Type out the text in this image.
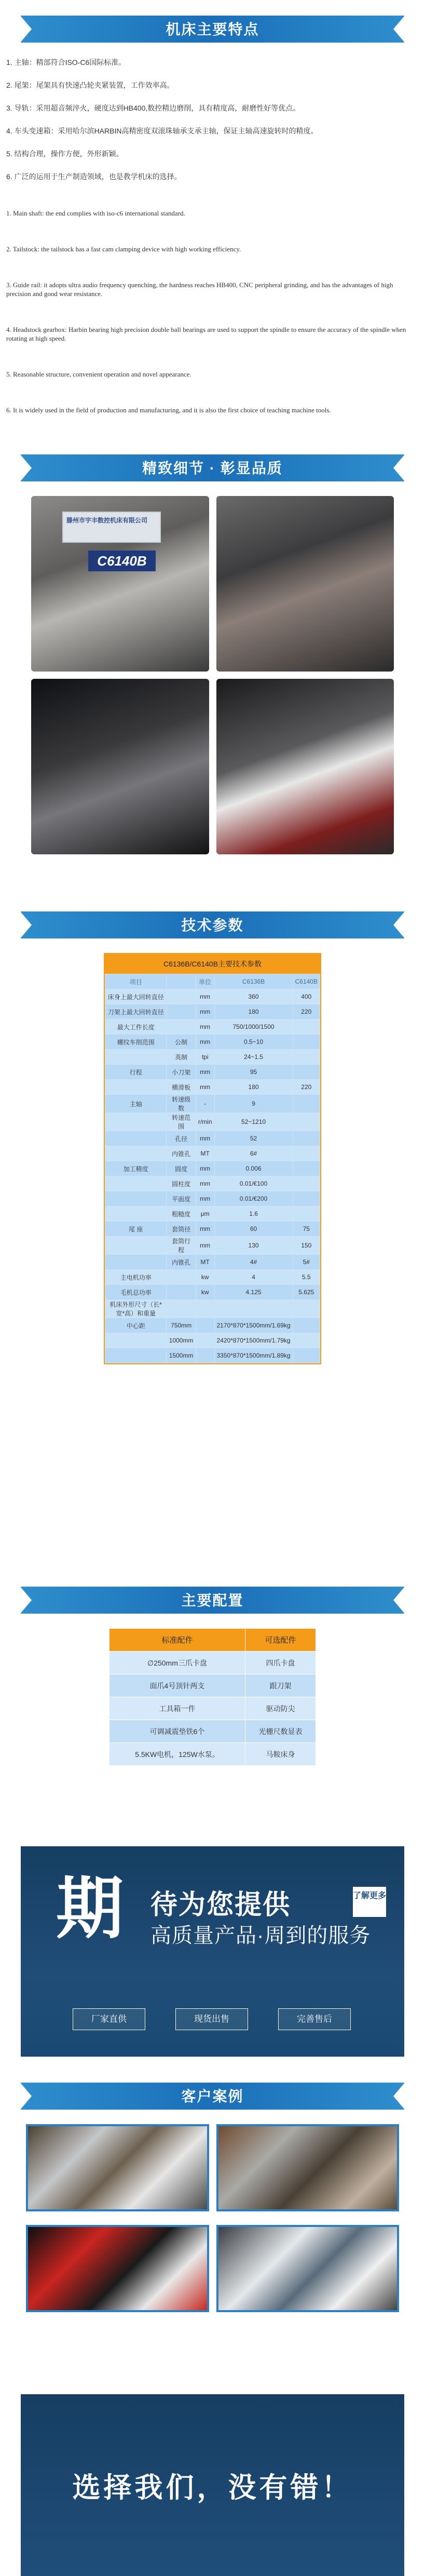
机床主要特点

1. 主轴：精部符合ISO-C6国际标准。

2. 尾架：尾架具有快速凸轮夹紧装置，工作效率高。

3. 导轨：采用超音频淬火，硬度达到HB400,数控精边磨削，具有精度高，耐磨性好等优点。

4. 车头变速箱：采用哈尔滨HARBIN高精密度双滚珠轴承支承主轴，保证主轴高速旋转时的精度。

5. 结构合理，操作方便，外形新颖。

6. 广泛的运用于生产制造领域，也是教学机床的选择。

1. Main shaft: the end complies with iso-c6 international standard.

2. Tailstock: the tailstock has a fast cam clamping device with high working efficiency.

3. Guide rail: it adopts ultra audio frequency quenching, the hardness reaches HB400, CNC peripheral grinding, and has the advantages of high precision and good wear resistance.

4. Headstock gearbox: Harbin bearing high precision double ball bearings are used to support the spindle to ensure the accuracy of the spindle when rotating at high speed.

5. Reasonable structure, convenient operation and novel appearance.

6. It is widely used in the field of production and manufacturing, and it is also the first choice of teaching machine tools.

精致细节 · 彰显品质
滕州市宇丰数控机床有限公司
C6140B
技术参数
C6136B/C6140B主要技术参数
项目		单位	C6136B	C6140B
床身上最大回转直径		mm	360	400
刀架上最大回转直径		mm	180	220
最大工件长度		mm	750/1000/1500	
螺纹车削范围	公制	mm	0.5~10	
	英制	tpi	24~1.5	
行程	小刀架	mm	95	
	横滑板	mm	180	220
主轴	转速级数	-	9	
	转速范围	r/min	52~1210	
	孔径	mm	52	
	内锥孔	MT	6#	
加工精度	圆度	mm	0.006	
	圆柱度	mm	0.01/€100	
	平面度	mm	0.01/€200	
	粗糙度	μm	1.6	
尾 座	套筒径	mm	60	75
	套筒行程	mm	130	150
	内锥孔	MT	4#	5#
主电机功率		kw	4	5.5
毛机总功率		kw	4.125	5.625
机床外形尺寸（长*宽*高）和重量				
中心距	750mm		2170*870*1500mm/1.69kg	
	1000mm		2420*870*1500mm/1.79kg	
	1500mm		3350*870*1500mm/1.89kg	
主要配置
标准配件	可选配件
∅250mm三爪卡盘	四爪卡盘
面爪4号顶针两支	跟刀架
工具箱一件	驱动防尖
可调减震垫铁6个	光栅尺数显表
5.5KW电机，125W水泵。	马鞍床身
期 待为您提供
高质量产品·周到的服务
了解更多
厂家直供	现货出售	完善售后
客户案例
选择我们，没有错！
